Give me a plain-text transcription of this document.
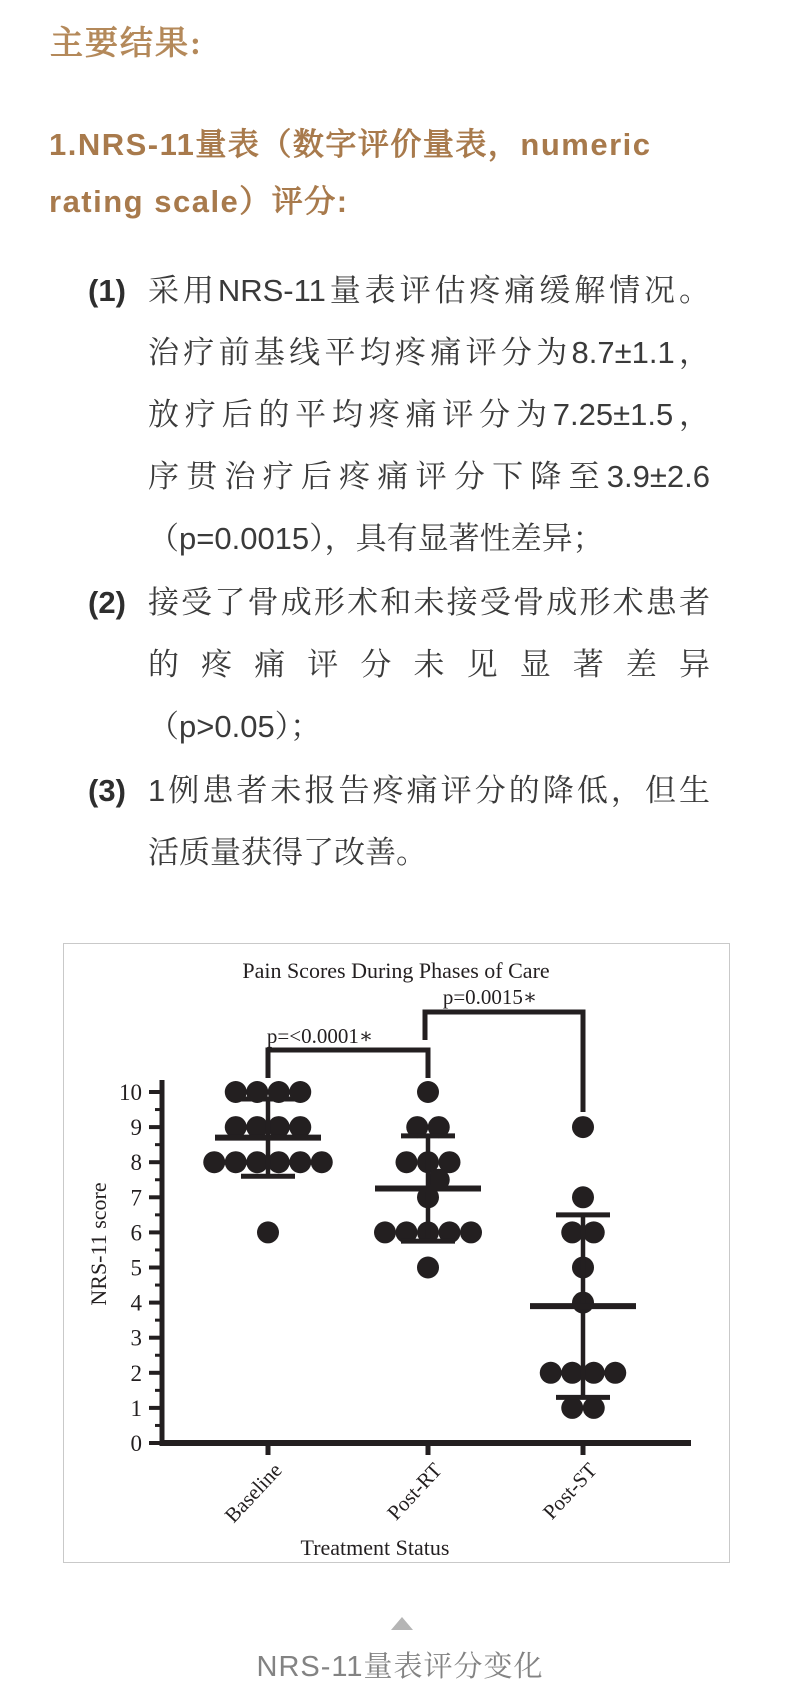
主要结果:
1.NRS-11量表（数字评价量表，numeric
rating scale）评分:
(1) 采用NRS-11量表评估疼痛缓解情况。
治疗前基线平均疼痛评分为8.7±1.1，
放疗后的平均疼痛评分为7.25±1.5，
序贯治疗后疼痛评分下降至3.9±2.6
（p=0.0015），具有显著性差异；
(2) 接受了骨成形术和未接受骨成形术患者
的疼痛评分未见显著差异
（p>0.05）；
(3) 1例患者未报告疼痛评分的降低，但生
活质量获得了改善。
0
1
2
3
4
5
6
7
8
9
10
Baseline	Post-RT	Post-ST
p=<0.0001∗
p=0.0015∗
Pain Scores During Phases of Care
Treatment Status
NRS-11 score
NRS-11量表评分变化
